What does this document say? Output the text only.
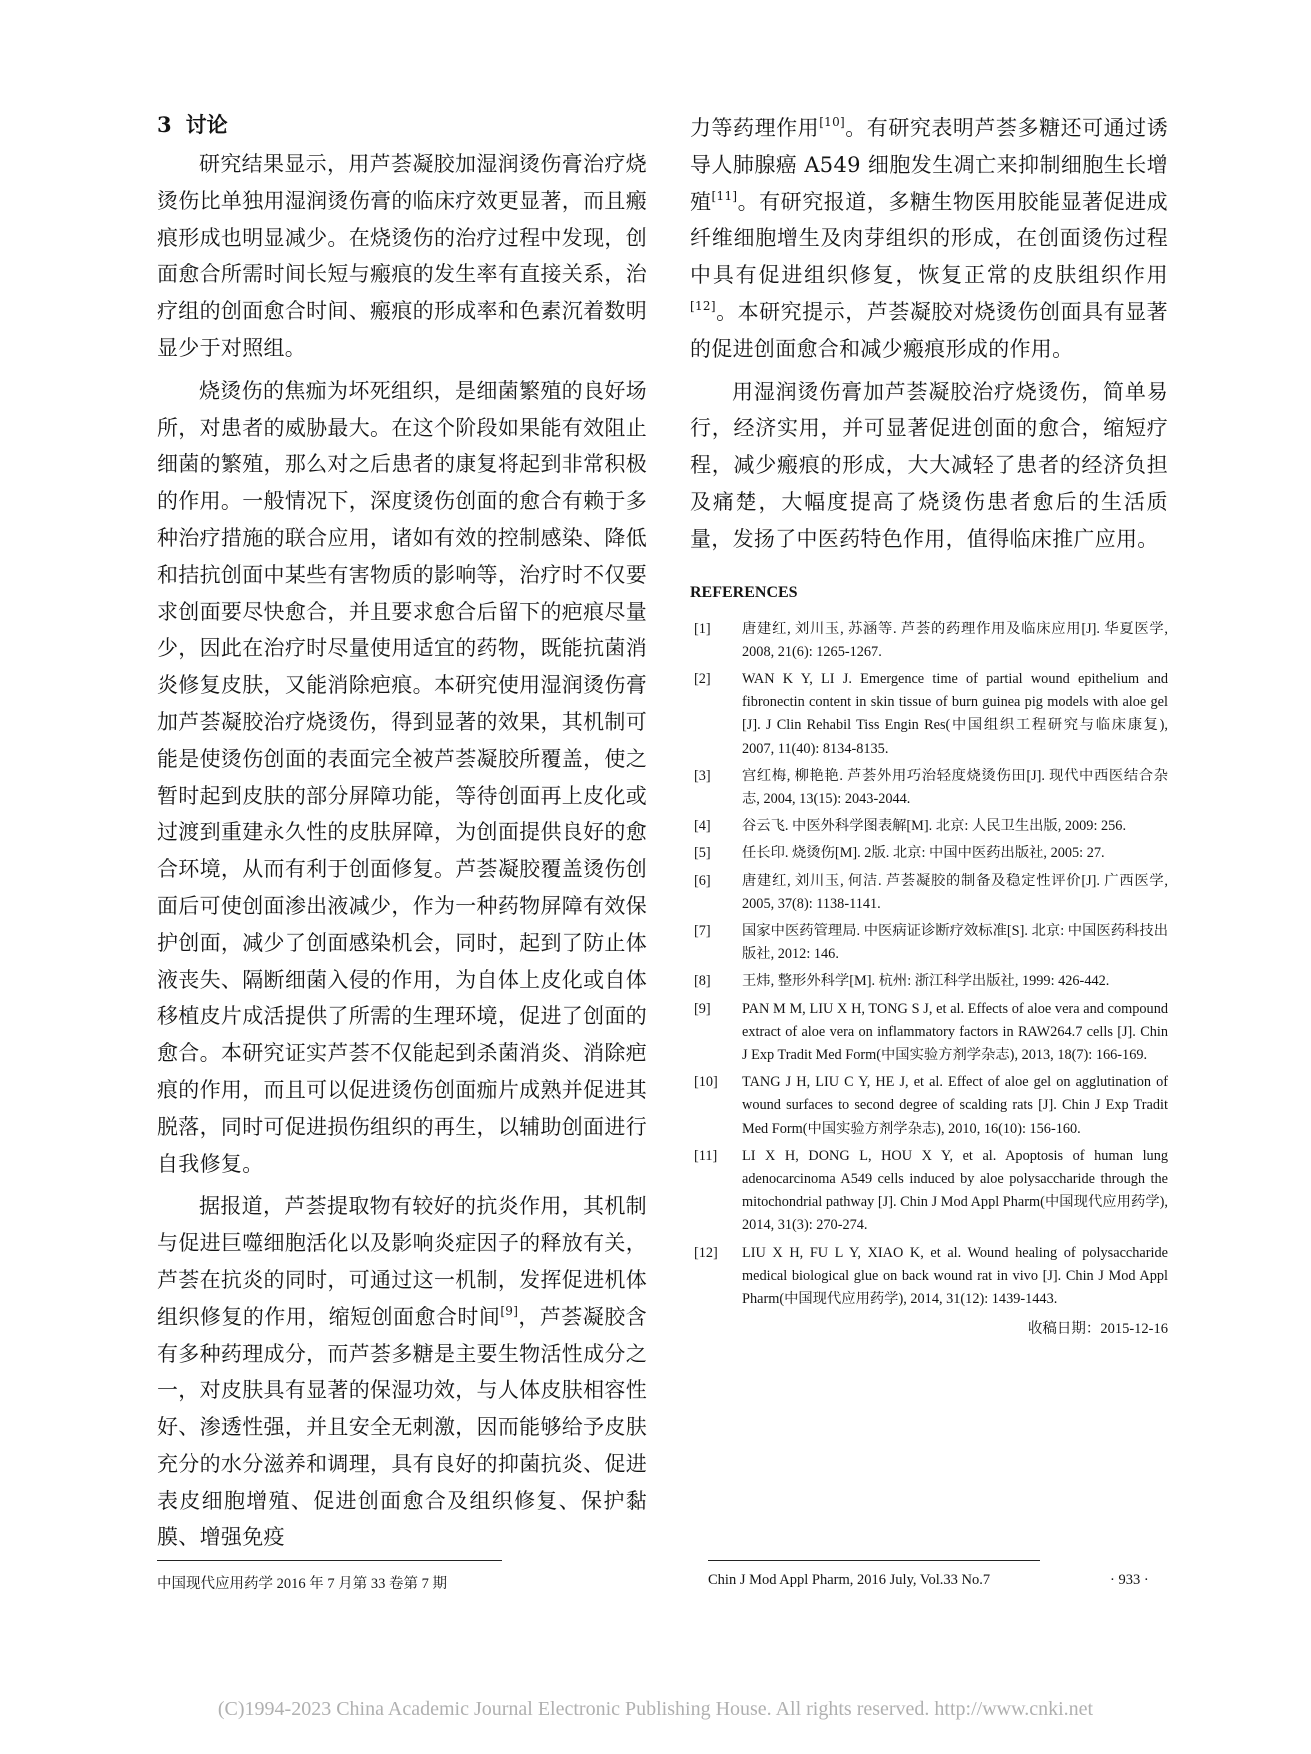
3 讨论

研究结果显示，用芦荟凝胶加湿润烫伤膏治疗烧烫伤比单独用湿润烫伤膏的临床疗效更显著，而且瘢痕形成也明显减少。在烧烫伤的治疗过程中发现，创面愈合所需时间长短与瘢痕的发生率有直接关系，治疗组的创面愈合时间、瘢痕的形成率和色素沉着数明显少于对照组。

烧烫伤的焦痂为坏死组织，是细菌繁殖的良好场所，对患者的威胁最大。在这个阶段如果能有效阻止细菌的繁殖，那么对之后患者的康复将起到非常积极的作用。一般情况下，深度烫伤创面的愈合有赖于多种治疗措施的联合应用，诸如有效的控制感染、降低和拮抗创面中某些有害物质的影响等，治疗时不仅要求创面要尽快愈合，并且要求愈合后留下的疤痕尽量少，因此在治疗时尽量使用适宜的药物，既能抗菌消炎修复皮肤，又能消除疤痕。本研究使用湿润烫伤膏加芦荟凝胶治疗烧烫伤，得到显著的效果，其机制可能是使烫伤创面的表面完全被芦荟凝胶所覆盖，使之暂时起到皮肤的部分屏障功能，等待创面再上皮化或过渡到重建永久性的皮肤屏障，为创面提供良好的愈合环境，从而有利于创面修复。芦荟凝胶覆盖烫伤创面后可使创面渗出液减少，作为一种药物屏障有效保护创面，减少了创面感染机会，同时，起到了防止体液丧失、隔断细菌入侵的作用，为自体上皮化或自体移植皮片成活提供了所需的生理环境，促进了创面的愈合。本研究证实芦荟不仅能起到杀菌消炎、消除疤痕的作用，而且可以促进烫伤创面痂片成熟并促进其脱落，同时可促进损伤组织的再生，以辅助创面进行自我修复。

据报道，芦荟提取物有较好的抗炎作用，其机制与促进巨噬细胞活化以及影响炎症因子的释放有关，芦荟在抗炎的同时，可通过这一机制，发挥促进机体组织修复的作用，缩短创面愈合时间[9]，芦荟凝胶含有多种药理成分，而芦荟多糖是主要生物活性成分之一，对皮肤具有显著的保湿功效，与人体皮肤相容性好、渗透性强，并且安全无刺激，因而能够给予皮肤充分的水分滋养和调理，具有良好的抑菌抗炎、促进表皮细胞增殖、促进创面愈合及组织修复、保护黏膜、增强免疫

力等药理作用[10]。有研究表明芦荟多糖还可通过诱导人肺腺癌 A549 细胞发生凋亡来抑制细胞生长增殖[11]。有研究报道，多糖生物医用胶能显著促进成纤维细胞增生及肉芽组织的形成，在创面烫伤过程中具有促进组织修复，恢复正常的皮肤组织作用[12]。本研究提示，芦荟凝胶对烧烫伤创面具有显著的促进创面愈合和减少瘢痕形成的作用。

用湿润烫伤膏加芦荟凝胶治疗烧烫伤，简单易行，经济实用，并可显著促进创面的愈合，缩短疗程，减少瘢痕的形成，大大减轻了患者的经济负担及痛楚，大幅度提高了烧烫伤患者愈后的生活质量，发扬了中医药特色作用，值得临床推广应用。

REFERENCES
[1] 唐建红, 刘川玉, 苏涵等. 芦荟的药理作用及临床应用[J]. 华夏医学, 2008, 21(6): 1265-1267.
[2] WAN K Y, LI J. Emergence time of partial wound epithelium and fibronectin content in skin tissue of burn guinea pig models with aloe gel [J]. J Clin Rehabil Tiss Engin Res(中国组织工程研究与临床康复), 2007, 11(40): 8134-8135.
[3] 宫红梅, 柳艳艳. 芦荟外用巧治轻度烧烫伤田[J]. 现代中西医结合杂志, 2004, 13(15): 2043-2044.
[4] 谷云飞. 中医外科学图表解[M]. 北京: 人民卫生出版, 2009: 256.
[5] 任长印. 烧烫伤[M]. 2版. 北京: 中国中医药出版社, 2005: 27.
[6] 唐建红, 刘川玉, 何洁. 芦荟凝胶的制备及稳定性评价[J]. 广西医学, 2005, 37(8): 1138-1141.
[7] 国家中医药管理局. 中医病证诊断疗效标准[S]. 北京: 中国医药科技出版社, 2012: 146.
[8] 王炜, 整形外科学[M]. 杭州: 浙江科学出版社, 1999: 426-442.
[9] PAN M M, LIU X H, TONG S J, et al. Effects of aloe vera and compound extract of aloe vera on inflammatory factors in RAW264.7 cells [J]. Chin J Exp Tradit Med Form(中国实验方剂学杂志), 2013, 18(7): 166-169.
[10] TANG J H, LIU C Y, HE J, et al. Effect of aloe gel on agglutination of wound surfaces to second degree of scalding rats [J]. Chin J Exp Tradit Med Form(中国实验方剂学杂志), 2010, 16(10): 156-160.
[11] LI X H, DONG L, HOU X Y, et al. Apoptosis of human lung adenocarcinoma A549 cells induced by aloe polysaccharide through the mitochondrial pathway [J]. Chin J Mod Appl Pharm(中国现代应用药学), 2014, 31(3): 270-274.
[12] LIU X H, FU L Y, XIAO K, et al. Wound healing of polysaccharide medical biological glue on back wound rat in vivo [J]. Chin J Mod Appl Pharm(中国现代应用药学), 2014, 31(12): 1439-1443.
收稿日期：2015-12-16
中国现代应用药学 2016 年 7 月第 33 卷第 7 期	Chin J Mod Appl Pharm, 2016 July, Vol.33 No.7	· 933 ·
(C)1994-2023 China Academic Journal Electronic Publishing House. All rights reserved. http://www.cnki.net
